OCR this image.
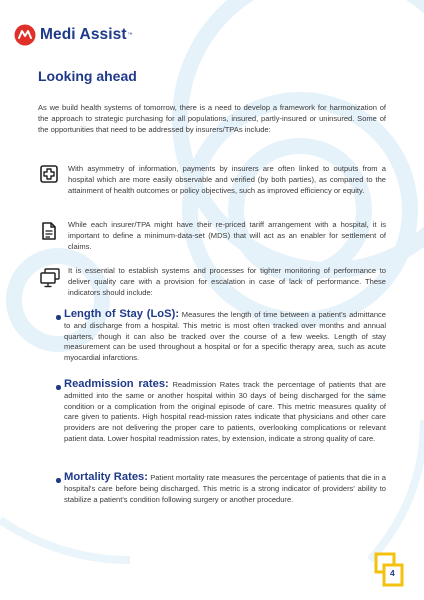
Medi Assist ™
Looking ahead

As we build health systems of tomorrow, there is a need to develop a framework for harmonization of the approach to strategic purchasing for all populations, insured, partly-insured or uninsured. Some of the opportunities that need to be addressed by insurers/TPAs include:

With asymmetry of information, payments by insurers are often linked to outputs from a hospital which are more easily observable and verified (by both parties), as compared to the attainment of health outcomes or policy objectives, such as improved efficiency or equity.

While each insurer/TPA might have their re-priced tariff arrangement with a hospital, it is important to define a minimum-data-set (MDS) that will act as an enabler for settlement of claims.

It is essential to establish systems and processes for tighter monitoring of performance to deliver quality care with a provision for escalation in case of lack of performance. These indicators should include:

Length of Stay (LoS): Measures the length of time between a patient's admittance to and discharge from a hospital. This metric is most often tracked over months and annual quarters, though it can also be tracked over the course of a few weeks. Length of stay measurement can be used throughout a hospital or for a specific therapy area, such as acute myocardial infarctions.

Readmission rates: Readmission Rates track the percentage of patients that are admitted into the same or another hospital within 30 days of being discharged for the same condition or a complication from the original episode of care. This metric measures quality of care given to patients. High hospital read-mission rates indicate that physicians and other care providers are not delivering the proper care to patients, overlooking complications or relevant patient data. Lower hospital readmission rates, by extension, indicate a strong quality of care.

Mortality Rates: Patient mortality rate measures the percentage of patients that die in a hospital's care before being discharged. This metric is a strong indicator of providers' ability to stabilize a patient's condition following surgery or another procedure.

4
